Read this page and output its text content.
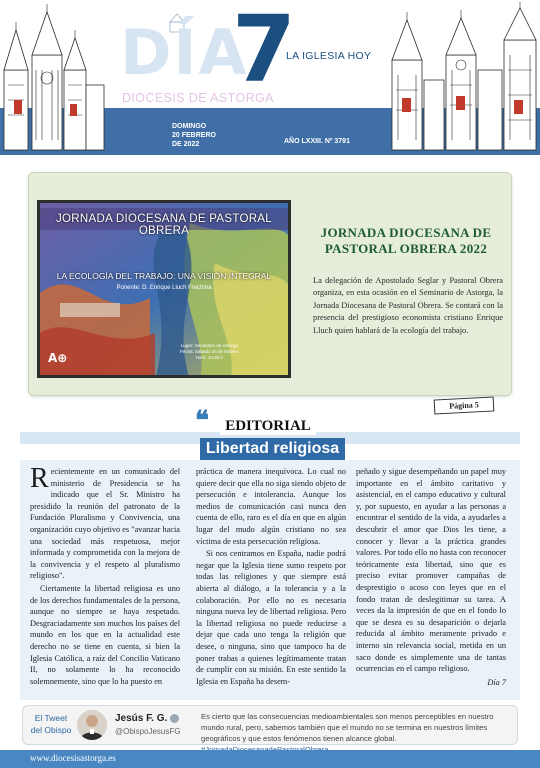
DÍA
7
LA IGLESIA HOY
DIOCESIS DE ASTORGA
DOMINGO
20 FEBRERO
DE 2022	AÑO LXXIII. Nº 3791
JORNADA DIOCESANA DE PASTORAL OBRERA
LA ECOLOGÍA DEL TRABAJO: UNA VISIÓN INTEGRAL
Ponente: D. Enrique Lluch Frechina
Lugar: Seminario de Astorga
Fecha: Sábado 26 de febrero
Hora: 10:30 h
A⊕
JORNADA DIOCESANA DE PASTORAL OBRERA 2022
La delegación de Apostolado Seglar y Pastoral Obrera organiza, en esta ocasión en el Seminario de Astorga, la Jornada Diocesana de Pastoral Obrera. Se contará con la presencia del prestigioso economista cristiano Enrique Lluch quien hablará de la ecología del trabajo.
Página 5
❝	EDITORIAL
Libertad religiosa

Recientemente en un comunicado del ministerio de Presidencia se ha indicado que el Sr. Ministro ha presidido la reunión del patronato de la Fundación Pluralismo y Convivencia, una organización cuyo objetivo es "avanzar hacia una sociedad más respetuosa, mejor informada y comprometida con la mejora de la convivencia y el respeto al pluralismo religioso".

Ciertamente la libertad religiosa es uno de los derechos fundamentales de la persona, aunque no siempre se haya respetado. Desgraciadamente son muchos los países del mundo en los que en la actualidad este derecho no se tiene en cuenta, si bien la Iglesia Católica, a raíz del Concilio Vaticano II, no solamente lo ha reconocido solemnemente, sino que lo ha puesto en

práctica de manera inequívoca. Lo cual no quiere decir que ella no siga siendo objeto de persecución e intolerancia. Aunque los medios de comunicación casi nunca den cuenta de ello, raro es el día en que en algún lugar del mudo algún cristiano no sea víctima de esta persecución religiosa.

Si nos centramos en España, nadie podrá negar que la Iglesia tiene sumo respeto por todas las religiones y que siempre está abierta al diálogo, a la tolerancia y a la colaboración. Por ello no es necesaria ninguna nueva ley de libertad religiosa. Pero la libertad religiosa no puede reducirse a dejar que cada uno tenga la religión que desee, o ninguna, sino que tampoco ha de poner trabas a quienes legítimamente tratan de cumplir con su misión. En este sentido la Iglesia en España ha desem-

peñado y sigue desempeñando un papel muy importante en el ámbito caritativo y asistencial, en el campo educativo y cultural y, por supuesto, en ayudar a las personas a encontrar el sentido de la vida, a ayudarles a descubrir el amor que Dios les tiene, a conocer y llevar a la práctica grandes valores. Por todo ello no hasta con reconocer teóricamente esta libertad, sino que es preciso evitar promover campañas de desprestigio o acoso con leyes que en el fondo tratan de deslegitimar su tarea. A veces da la impresión de que en el fondo lo que se desea es su desaparición o dejarla reducida al ámbito meramente privado e interno sin relevancia social, metida en un saco donde es simplemente una de tantas ocurrencias en el campo religioso.

Día 7
El Tweet
del Obispo
Jesús F. G.
@ObispoJesusFG
Es cierto que las consecuencias medioambientales son menos perceptibles en nuestro mundo rural, pero, sabemos también que el mundo no se termina en nuestros límites geográficos y que estos fenómenos tienen alcance global.
www.diocesisastorga.es
